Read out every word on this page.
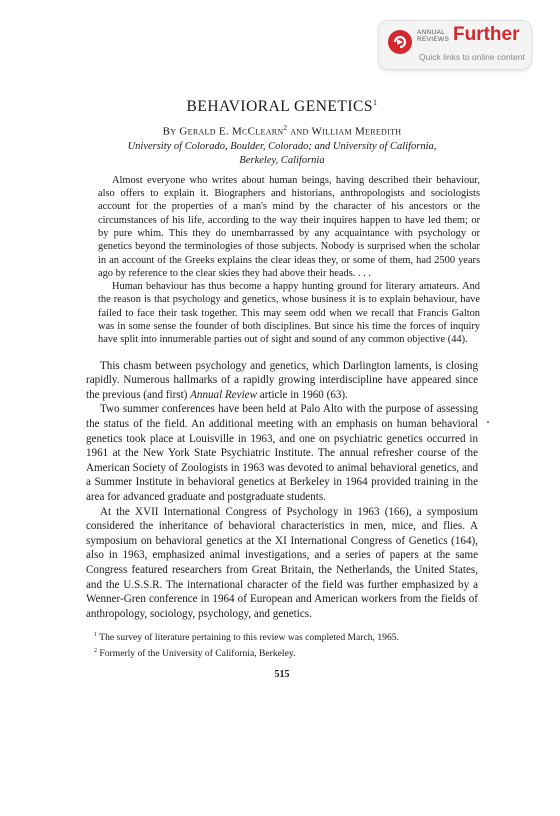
ANNUAL
REVIEWS Further
Quick links to online content
BEHAVIORAL GENETICS$^1$
By Gerald E. McClearn$^2$ and William Meredith
University of Colorado, Boulder, Colorado; and University of California,
Berkeley, California

Almost everyone who writes about human beings, having described their behaviour, also offers to explain it. Biographers and historians, anthropologists and sociologists account for the properties of a man's mind by the character of his ancestors or the circumstances of his life, according to the way their inquires happen to have led them; or by pure whim. This they do unembarrassed by any acquaintance with psychology or genetics beyond the terminologies of those subjects. Nobody is surprised when the scholar in an account of the Greeks explains the clear ideas they, or some of them, had 2500 years ago by reference to the clear skies they had above their heads. . . .

Human behaviour has thus become a happy hunting ground for literary amateurs. And the reason is that psychology and genetics, whose business it is to explain behaviour, have failed to face their task together. This may seem odd when we recall that Francis Galton was in some sense the founder of both disciplines. But since his time the forces of inquiry have split into innumerable parties out of sight and sound of any common objective (44).

This chasm between psychology and genetics, which Darlington laments, is closing rapidly. Numerous hallmarks of a rapidly growing interdiscipline have appeared since the previous (and first) Annual Review article in 1960 (63).

Two summer conferences have been held at Palo Alto with the purpose of assessing the status of the field. An additional meeting with an emphasis on human behavioral genetics took place at Louisville in 1963, and one on psychiatric genetics occurred in 1961 at the New York State Psychiatric Institute. The annual refresher course of the American Society of Zoologists in 1963 was devoted to animal behavioral genetics, and a Summer Institute in behavioral genetics at Berkeley in 1964 provided training in the area for advanced graduate and postgraduate students.

At the XVII International Congress of Psychology in 1963 (166), a symposium considered the inheritance of behavioral characteristics in men, mice, and flies. A symposium on behavioral genetics at the XI International Congress of Genetics (164), also in 1963, emphasized animal investigations, and a series of papers at the same Congress featured researchers from Great Britain, the Netherlands, the United States, and the U.S.S.R. The international character of the field was further emphasized by a Wenner-Gren conference in 1964 of European and American workers from the fields of anthropology, sociology, psychology, and genetics.

$^1$ The survey of literature pertaining to this review was completed March, 1965.

$^2$ Formerly of the University of California, Berkeley.

515
